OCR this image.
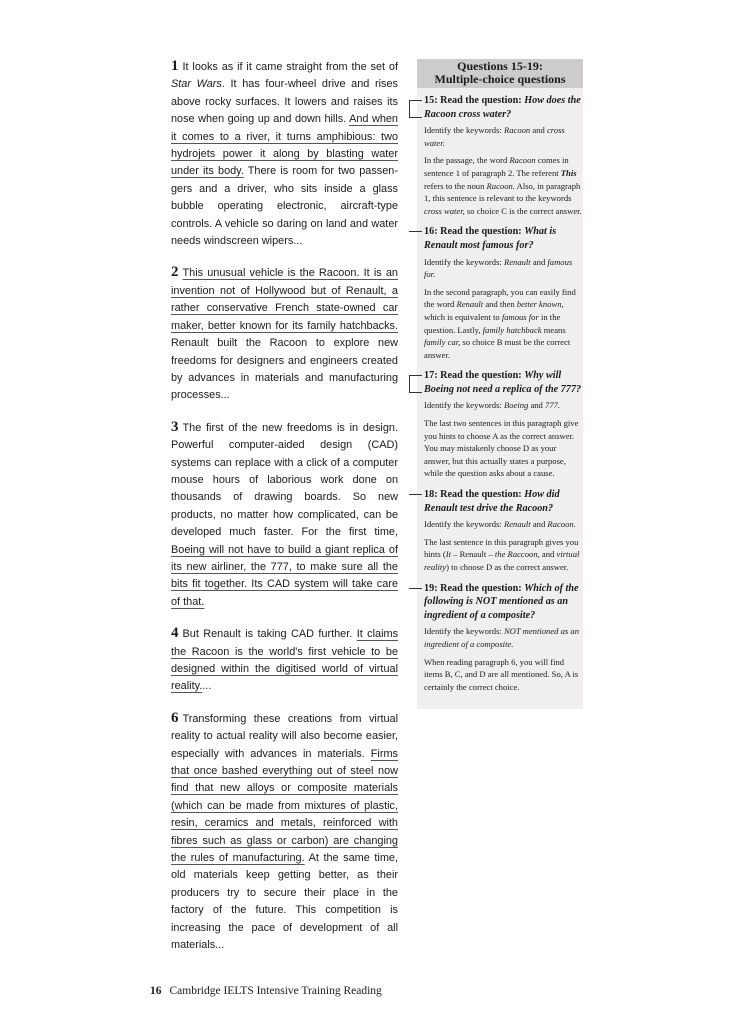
1 It looks as if it came straight from the set of Star Wars. It has four-wheel drive and rises above rocky surfaces. It lowers and raises its nose when going up and down hills. And when it comes to a river, it turns amphibious: two hydrojets power it along by blasting water under its body. There is room for two passengers and a driver, who sits inside a glass bubble operating electronic, aircraft-type controls. A vehicle so daring on land and water needs windscreen wipers...
2 This unusual vehicle is the Racoon. It is an invention not of Hollywood but of Renault, a rather conservative French state-owned car maker, better known for its family hatchbacks. Renault built the Racoon to explore new freedoms for designers and engineers created by advances in materials and manufacturing processes...
3 The first of the new freedoms is in design. Powerful computer-aided design (CAD) systems can replace with a click of a computer mouse hours of laborious work done on thousands of drawing boards. So new products, no matter how complicated, can be developed much faster. For the first time, Boeing will not have to build a giant replica of its new airliner, the 777, to make sure all the bits fit together. Its CAD system will take care of that.
4 But Renault is taking CAD further. It claims the Racoon is the world's first vehicle to be designed within the digitised world of virtual reality....
6 Transforming these creations from virtual reality to actual reality will also become easier, especially with advances in materials. Firms that once bashed everything out of steel now find that new alloys or composite materials (which can be made from mixtures of plastic, resin, ceramics and metals, reinforced with fibres such as glass or carbon) are changing the rules of manufacturing. At the same time, old materials keep getting better, as their producers try to secure their place in the factory of the future. This competition is increasing the pace of development of all materials...
Questions 15-19:
Multiple-choice questions
15: Read the question: How does the Racoon cross water?

Identify the keywords: Racoon and cross water.

In the passage, the word Racoon comes in sentence 1 of paragraph 2. The referent This refers to the noun Racoon. Also, in paragraph 1, this sentence is relevant to the keywords cross water, so choice C is the correct answer.

16: Read the question: What is Renault most famous for?

Identify the keywords: Renault and famous for.

In the second paragraph, you can easily find the word Renault and then better known, which is equivalent to famous for in the question. Lastly, family hatchback means family car, so choice B must be the correct answer.

17: Read the question: Why will Boeing not need a replica of the 777?

Identify the keywords: Boeing and 777.

The last two sentences in this paragraph give you hints to choose A as the correct answer. You may mistakenly choose D as your answer, but this actually states a purpose, while the question asks about a cause.

18: Read the question: How did Renault test drive the Racoon?

Identify the keywords: Renault and Racoon.

The last sentence in this paragraph gives you hints (It – Renault – the Raccoon, and virtual reality) to choose D as the correct answer.

19: Read the question: Which of the following is NOT mentioned as an ingredient of a composite?

Identify the keywords: NOT mentioned as an ingredient of a composite.

When reading paragraph 6, you will find items B, C, and D are all mentioned. So, A is certainly the correct choice.

16 Cambridge IELTS Intensive Training Reading
